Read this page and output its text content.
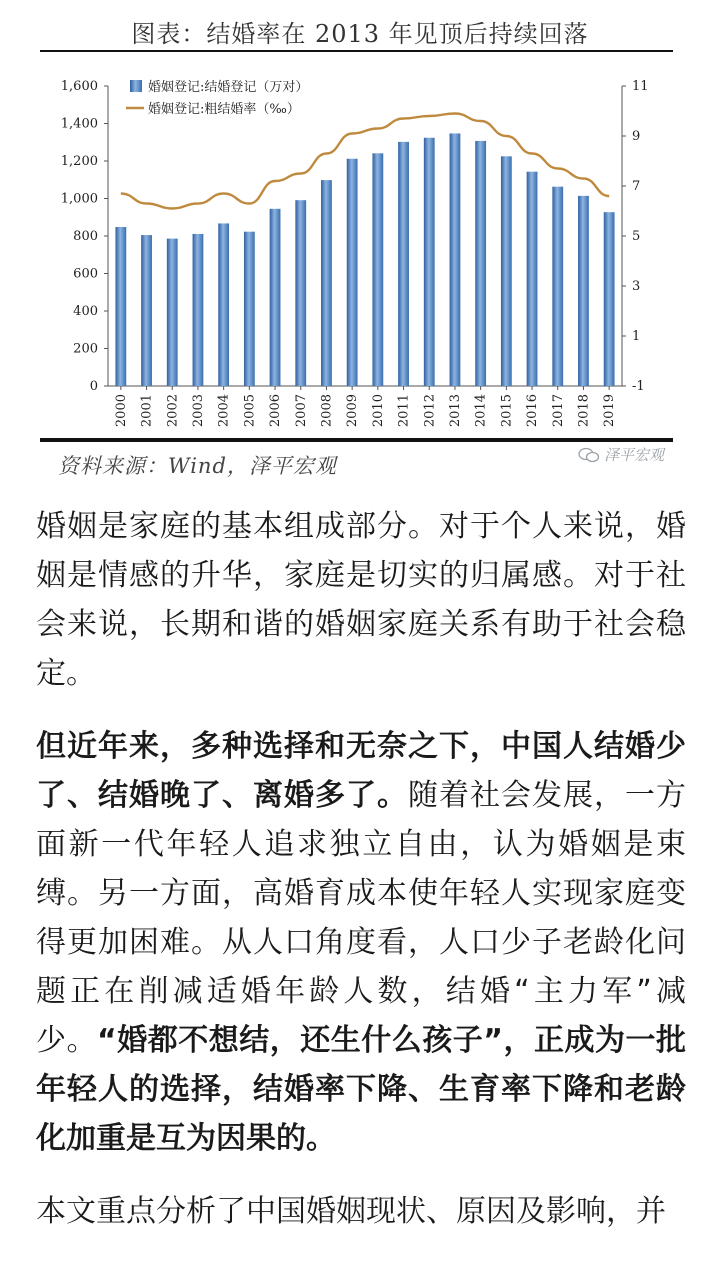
图表：结婚率在 2013 年见顶后持续回落
0
200
400
600
800
1,000
1,200
1,400
1,600
-1
1
3
5
7
9
11
2000 2001 2002 2003 2004 2005 2006 2007 2008 2009 2010 2011 2012 2013 2014 2015 2016 2017 2018 2019
婚姻登记:结婚登记（万对）
婚姻登记:粗结婚率（‰）
资料来源：Wind，泽平宏观	泽平宏观

婚姻是家庭的基本组成部分。对于个人来说，婚姻是情感的升华，家庭是切实的归属感。对于社会来说，长期和谐的婚姻家庭关系有助于社会稳定。

但近年来，多种选择和无奈之下，中国人结婚少了、结婚晚了、离婚多了。随着社会发展，一方面新一代年轻人追求独立自由，认为婚姻是束缚。另一方面，高婚育成本使年轻人实现家庭变得更加困难。从人口角度看，人口少子老龄化问题正在削减适婚年龄人数，结婚“主力军”减少。“婚都不想结，还生什么孩子”，正成为一批年轻人的选择，结婚率下降、生育率下降和老龄化加重是互为因果的。

本文重点分析了中国婚姻现状、原因及影响，并
